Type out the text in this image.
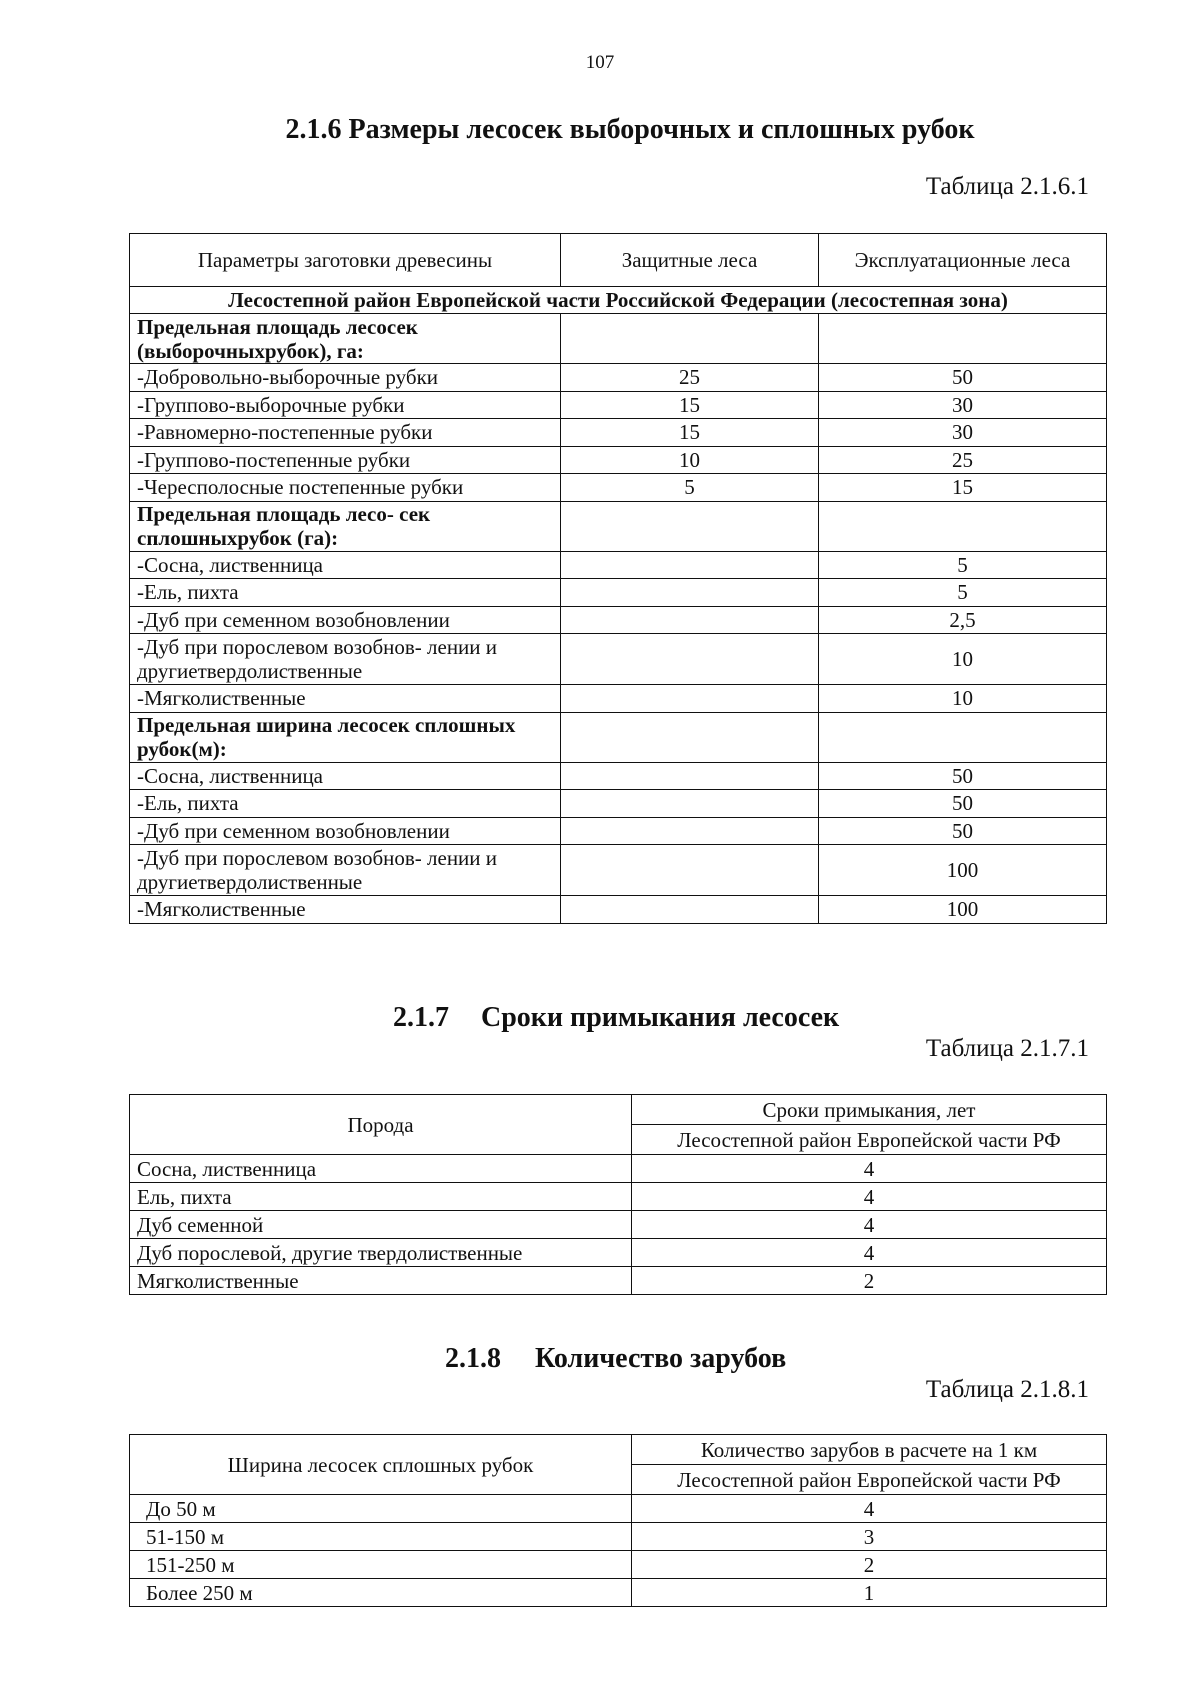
107
2.1.6 Размеры лесосек выборочных и сплошных рубок
Таблица 2.1.6.1
Параметры заготовки древесины	Защитные леса	Эксплуатационные леса
Лесостепной район Европейской части Российской Федерации (лесостепная зона)		
Предельная площадь лесосек (выборочныхрубок), га:		
-Добровольно-выборочные рубки	25	50
-Группово-выборочные рубки	15	30
-Равномерно-постепенные рубки	15	30
-Группово-постепенные рубки	10	25
-Чересполосные постепенные рубки	5	15
Предельная площадь лесо- сек сплошныхрубок (га):		
-Сосна, лиственница		5
-Ель, пихта		5
-Дуб при семенном возобновлении		2,5
-Дуб при порослевом возобнов- лении и другиетвердолиственные		10
-Мягколиственные		10
Предельная ширина лесосек сплошных рубок(м):		
-Сосна, лиственница		50
-Ель, пихта		50
-Дуб при семенном возобновлении		50
-Дуб при порослевом возобнов- лении и другиетвердолиственные		100
-Мягколиственные		100
2.1.7 Сроки примыкания лесосек
Таблица 2.1.7.1
Порода	Сроки примыкания, лет
	Лесостепной район Европейской части РФ
Сосна, лиственница	4
Ель, пихта	4
Дуб семенной	4
Дуб порослевой, другие твердолиственные	4
Мягколиственные	2
2.1.8 Количество зарубов
Таблица 2.1.8.1
Ширина лесосек сплошных рубок	Количество зарубов в расчете на 1 км
	Лесостепной район Европейской части РФ
До 50 м	4
51-150 м	3
151-250 м	2
Более 250 м	1
